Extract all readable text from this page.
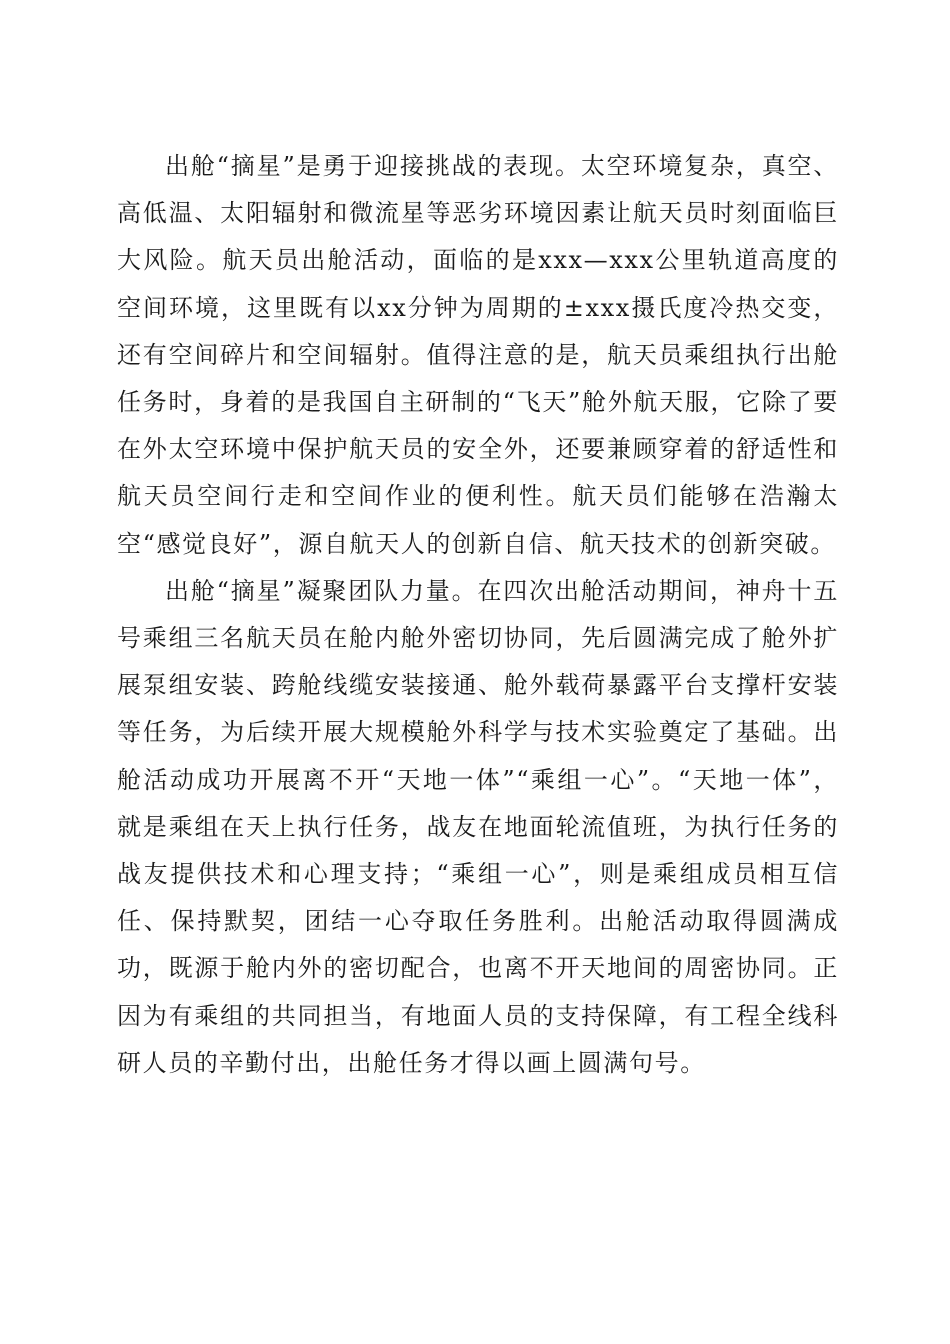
出舱“摘星”是勇于迎接挑战的表现。太空环境复杂，真空、高低温、太阳辐射和微流星等恶劣环境因素让航天员时刻面临巨大风险。航天员出舱活动，面临的是xxx—xxx公里轨道高度的空间环境，这里既有以xx分钟为周期的±xxx摄氏度冷热交变，还有空间碎片和空间辐射。值得注意的是，航天员乘组执行出舱任务时，身着的是我国自主研制的“飞天”舱外航天服，它除了要在外太空环境中保护航天员的安全外，还要兼顾穿着的舒适性和航天员空间行走和空间作业的便利性。航天员们能够在浩瀚太空“感觉良好”，源自航天人的创新自信、航天技术的创新突破。

出舱“摘星”凝聚团队力量。在四次出舱活动期间，神舟十五号乘组三名航天员在舱内舱外密切协同，先后圆满完成了舱外扩展泵组安装、跨舱线缆安装接通、舱外载荷暴露平台支撑杆安装等任务，为后续开展大规模舱外科学与技术实验奠定了基础。出舱活动成功开展离不开“天地一体”“乘组一心”。“天地一体”，就是乘组在天上执行任务，战友在地面轮流值班，为执行任务的战友提供技术和心理支持；“乘组一心”，则是乘组成员相互信任、保持默契，团结一心夺取任务胜利。出舱活动取得圆满成功，既源于舱内外的密切配合，也离不开天地间的周密协同。正因为有乘组的共同担当，有地面人员的支持保障，有工程全线科研人员的辛勤付出，出舱任务才得以画上圆满句号。
